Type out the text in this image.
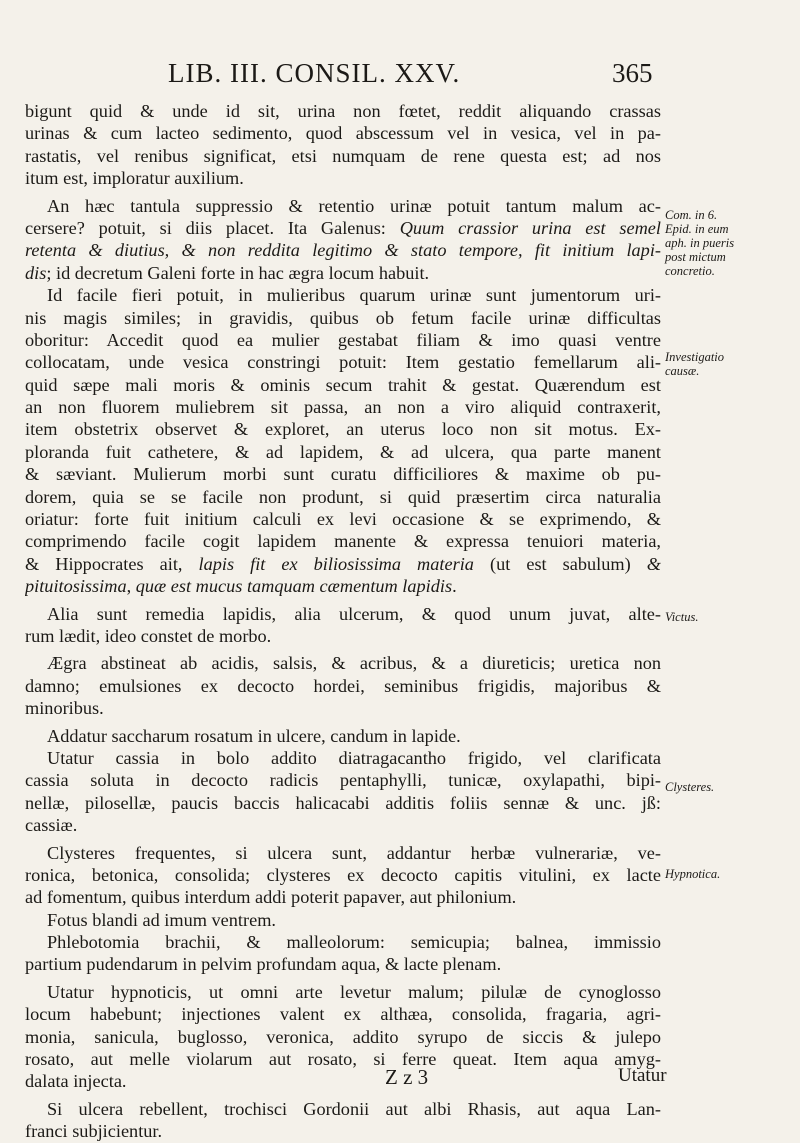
LIB. III. CONSIL. XXV.	365
bigunt quid & unde id sit, urina non fœtet, reddit aliquando crassas
urinas & cum lacteo sedimento, quod abscessum vel in vesica, vel in pa-
rastatis, vel renibus significat, etsi numquam de rene questa est; ad nos
itum est, imploratur auxilium.
An hæc tantula suppressio & retentio urinæ potuit tantum malum ac-
cersere? potuit, si diis placet. Ita Galenus: Quum crassior urina est semel
retenta & diutius, & non reddita legitimo & stato tempore, fit initium lapi-
dis; id decretum Galeni forte in hac ægra locum habuit.
Id facile fieri potuit, in mulieribus quarum urinæ sunt jumentorum uri-
nis magis similes; in gravidis, quibus ob fetum facile urinæ difficultas
oboritur: Accedit quod ea mulier gestabat filiam & imo quasi ventre
collocatam, unde vesica constringi potuit: Item gestatio femellarum ali-
quid sæpe mali moris & ominis secum trahit & gestat. Quærendum est
an non fluorem muliebrem sit passa, an non a viro aliquid contraxerit,
item obstetrix observet & exploret, an uterus loco non sit motus. Ex-
ploranda fuit cathetere, & ad lapidem, & ad ulcera, qua parte manent
& sæviant. Mulierum morbi sunt curatu difficiliores & maxime ob pu-
dorem, quia se se facile non produnt, si quid præsertim circa naturalia
oriatur: forte fuit initium calculi ex levi occasione & se exprimendo, &
comprimendo facile cogit lapidem manente & expressa tenuiori materia,
& Hippocrates ait, lapis fit ex biliosissima materia (ut est sabulum) &
pituitosissima, quæ est mucus tamquam cæmentum lapidis.
Alia sunt remedia lapidis, alia ulcerum, & quod unum juvat, alte-
rum lædit, ideo constet de morbo.
Ægra abstineat ab acidis, salsis, & acribus, & a diureticis; uretica non
damno; emulsiones ex decocto hordei, seminibus frigidis, majoribus &
minoribus.
Addatur saccharum rosatum in ulcere, candum in lapide.
Utatur cassia in bolo addito diatragacantho frigido, vel clarificata
cassia soluta in decocto radicis pentaphylli, tunicæ, oxylapathi, bipi-
nellæ, pilosellæ, paucis baccis halicacabi additis foliis sennæ & unc. jß:
cassiæ.
Clysteres frequentes, si ulcera sunt, addantur herbæ vulnerariæ, ve-
ronica, betonica, consolida; clysteres ex decocto capitis vitulini, ex lacte
ad fomentum, quibus interdum addi poterit papaver, aut philonium.
Fotus blandi ad imum ventrem.
Phlebotomia brachii, & malleolorum: semicupia; balnea, immissio
partium pudendarum in pelvim profundam aqua, & lacte plenam.
Utatur hypnoticis, ut omni arte levetur malum; pilulæ de cynoglosso
locum habebunt; injectiones valent ex althæa, consolida, fragaria, agri-
monia, sanicula, buglosso, veronica, addito syrupo de siccis & julepo
rosato, aut melle violarum aut rosato, si ferre queat. Item aqua amyg-
dalata injecta.
Si ulcera rebellent, trochisci Gordonii aut albi Rhasis, aut aqua Lan-
franci subjicientur.
Com. in 6.
Epid. in eum
aph. in pueris
post mictum
concretio.
Investigatio
causæ.
Victus.
Clysteres.
Hypnotica.
Z z 3	Utatur
